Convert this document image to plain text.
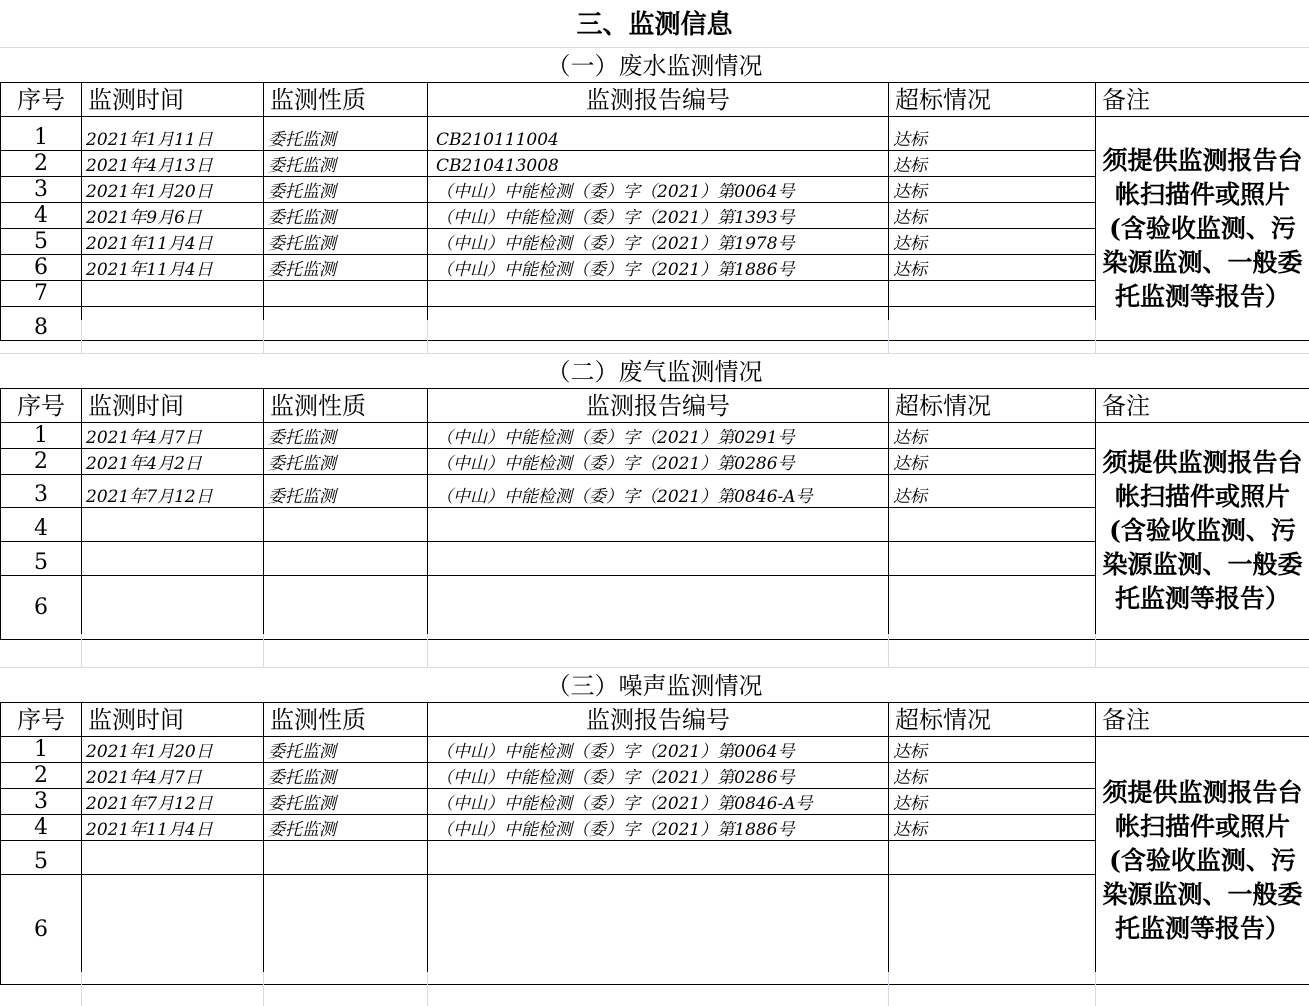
三、监测信息
（一）废水监测情况
序号	监测时间	监测性质	监测报告编号	超标情况	备注
1	2021年1月11日	委托监测	CB210111004	达标	须提供监测报告台帐扫描件或照片(含验收监测、污染源监测、一般委托监测等报告）
2	2021年4月13日	委托监测	CB210413008	达标	
3	2021年1月20日	委托监测	（中山）中能检测（委）字（2021）第0064号	达标	
4	2021年9月6日	委托监测	（中山）中能检测（委）字（2021）第1393号	达标	
5	2021年11月4日	委托监测	（中山）中能检测（委）字（2021）第1978号	达标	
6	2021年11月4日	委托监测	（中山）中能检测（委）字（2021）第1886号	达标	
7					
8					
（二）废气监测情况
序号	监测时间	监测性质	监测报告编号	超标情况	备注
1	2021年4月7日	委托监测	（中山）中能检测（委）字（2021）第0291号	达标	须提供监测报告台帐扫描件或照片(含验收监测、污染源监测、一般委托监测等报告）
2	2021年4月2日	委托监测	（中山）中能检测（委）字（2021）第0286号	达标	
3	2021年7月12日	委托监测	（中山）中能检测（委）字（2021）第0846-A号	达标	
4					
5					
6					
（三）噪声监测情况
序号	监测时间	监测性质	监测报告编号	超标情况	备注
1	2021年1月20日	委托监测	（中山）中能检测（委）字（2021）第0064号	达标	须提供监测报告台帐扫描件或照片(含验收监测、污染源监测、一般委托监测等报告）
2	2021年4月7日	委托监测	（中山）中能检测（委）字（2021）第0286号	达标	
3	2021年7月12日	委托监测	（中山）中能检测（委）字（2021）第0846-A号	达标	
4	2021年11月4日	委托监测	（中山）中能检测（委）字（2021）第1886号	达标	
5					
6					
